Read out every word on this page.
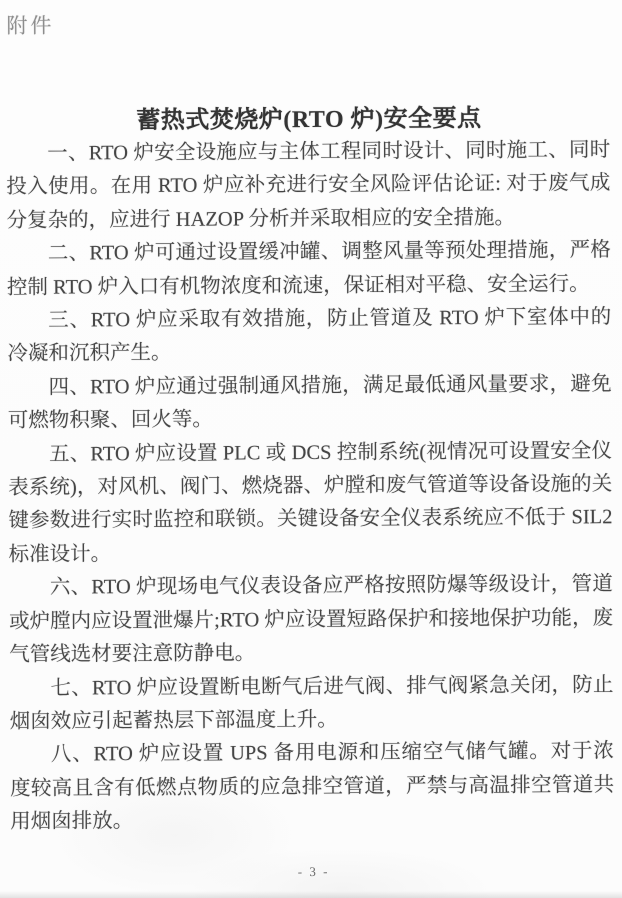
附件
蓄热式焚烧炉(RTO 炉)安全要点

一、RTO 炉安全设施应与主体工程同时设计、同时施工、同时投入使用。在用 RTO 炉应补充进行安全风险评估论证: 对于废气成分复杂的，应进行 HAZOP 分析并采取相应的安全措施。

二、RTO 炉可通过设置缓冲罐、调整风量等预处理措施，严格控制 RTO 炉入口有机物浓度和流速，保证相对平稳、安全运行。

三、RTO 炉应采取有效措施，防止管道及 RTO 炉下室体中的冷凝和沉积产生。

四、RTO 炉应通过强制通风措施，满足最低通风量要求，避免可燃物积聚、回火等。

五、RTO 炉应设置 PLC 或 DCS 控制系统(视情况可设置安全仪表系统)，对风机、阀门、燃烧器、炉膛和废气管道等设备设施的关键参数进行实时监控和联锁。关键设备安全仪表系统应不低于 SIL2 标准设计。

六、RTO 炉现场电气仪表设备应严格按照防爆等级设计，管道或炉膛内应设置泄爆片;RTO 炉应设置短路保护和接地保护功能，废气管线选材要注意防静电。

七、RTO 炉应设置断电断气后进气阀、排气阀紧急关闭，防止烟囱效应引起蓄热层下部温度上升。

八、RTO 炉应设置 UPS 备用电源和压缩空气储气罐。对于浓度较高且含有低燃点物质的应急排空管道，严禁与高温排空管道共用烟囱排放。

- 3 -
